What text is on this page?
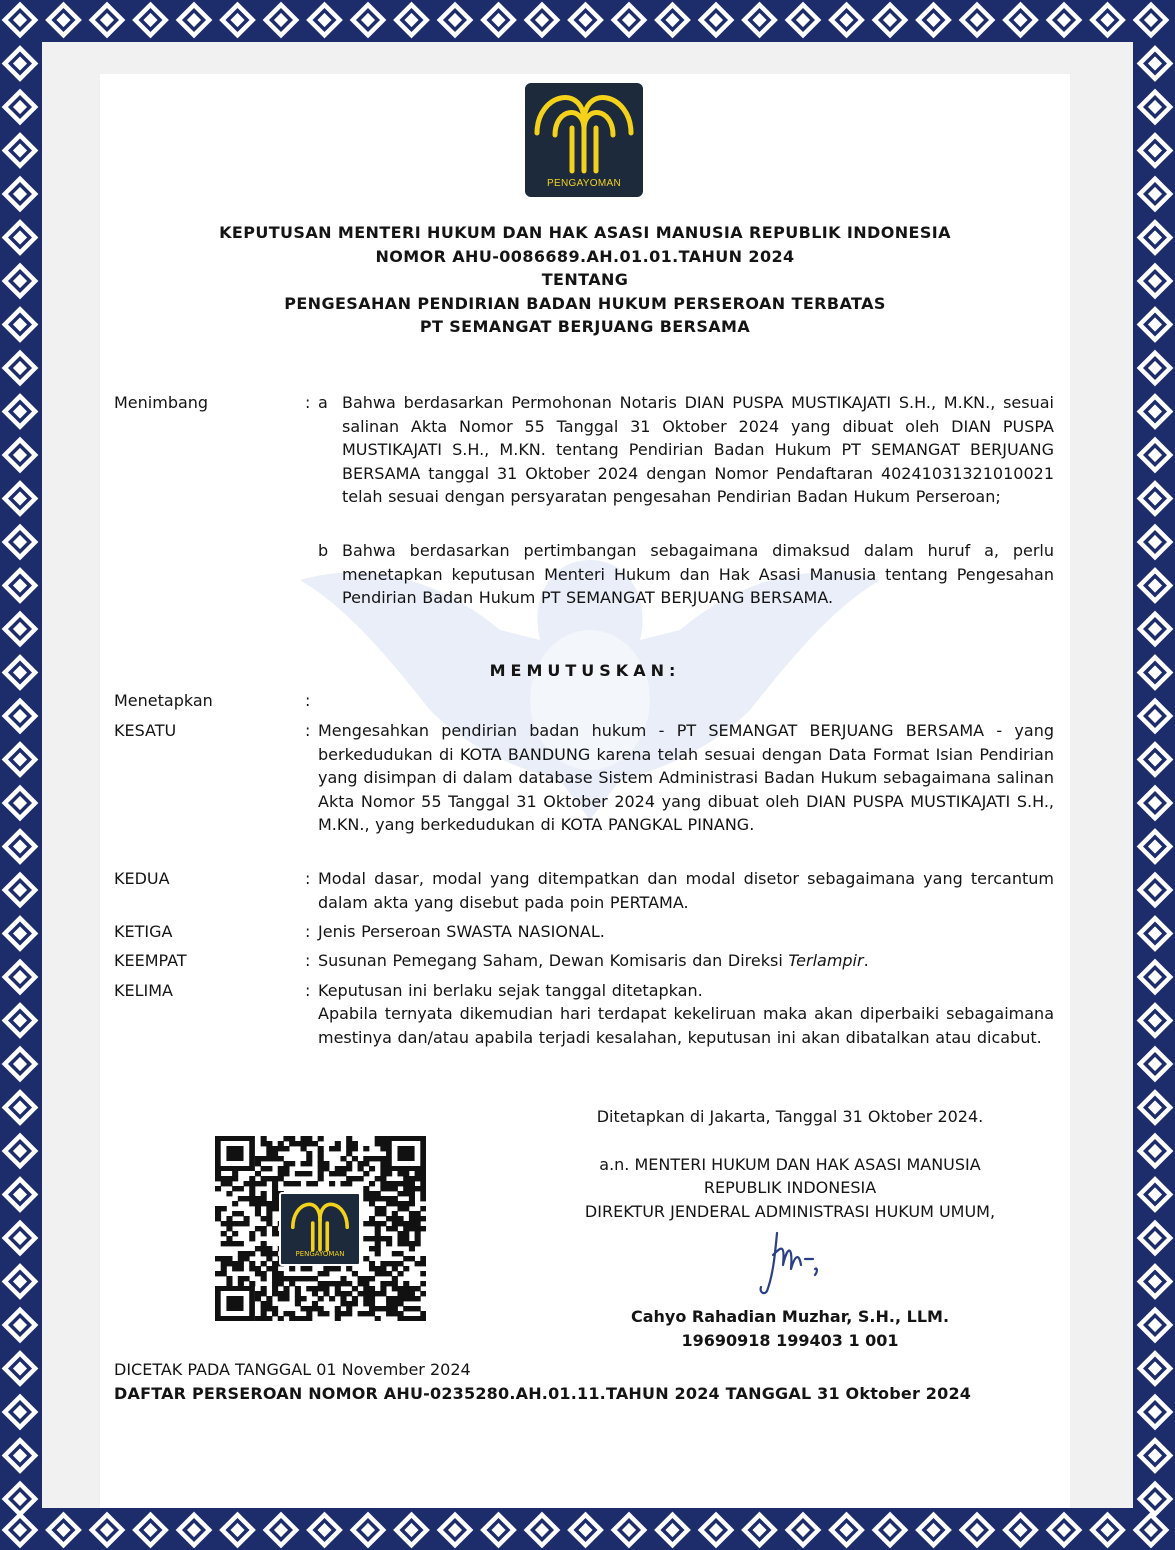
PENGAYOMAN
KEPUTUSAN MENTERI HUKUM DAN HAK ASASI MANUSIA REPUBLIK INDONESIA
NOMOR AHU-0086689.AH.01.01.TAHUN 2024
TENTANG
PENGESAHAN PENDIRIAN BADAN HUKUM PERSEROAN TERBATAS
PT SEMANGAT BERJUANG BERSAMA
Menimbang	: a Bahwa berdasarkan Permohonan Notaris DIAN PUSPA MUSTIKAJATI S.H., M.KN., sesuai salinan Akta Nomor 55 Tanggal 31 Oktober 2024 yang dibuat oleh DIAN PUSPA MUSTIKAJATI S.H., M.KN. tentang Pendirian Badan Hukum PT SEMANGAT BERJUANG BERSAMA tanggal 31 Oktober 2024 dengan Nomor Pendaftaran 40241031321010021 telah sesuai dengan persyaratan pengesahan Pendirian Badan Hukum Perseroan;
b Bahwa berdasarkan pertimbangan sebagaimana dimaksud dalam huruf a, perlu menetapkan keputusan Menteri Hukum dan Hak Asasi Manusia tentang Pengesahan Pendirian Badan Hukum PT SEMANGAT BERJUANG BERSAMA.
MEMUTUSKAN:
Menetapkan	:
KESATU	: Mengesahkan pendirian badan hukum - PT SEMANGAT BERJUANG BERSAMA - yang berkedudukan di KOTA BANDUNG karena telah sesuai dengan Data Format Isian Pendirian yang disimpan di dalam database Sistem Administrasi Badan Hukum sebagaimana salinan Akta Nomor 55 Tanggal 31 Oktober 2024 yang dibuat oleh DIAN PUSPA MUSTIKAJATI S.H., M.KN., yang berkedudukan di KOTA PANGKAL PINANG.
KEDUA	: Modal dasar, modal yang ditempatkan dan modal disetor sebagaimana yang tercantum dalam akta yang disebut pada poin PERTAMA.
KETIGA	: Jenis Perseroan SWASTA NASIONAL.
KEEMPAT	: Susunan Pemegang Saham, Dewan Komisaris dan Direksi Terlampir.
KELIMA	: Keputusan ini berlaku sejak tanggal ditetapkan.
Apabila ternyata dikemudian hari terdapat kekeliruan maka akan diperbaiki sebagaimana mestinya dan/atau apabila terjadi kesalahan, keputusan ini akan dibatalkan atau dicabut.
Ditetapkan di Jakarta, Tanggal 31 Oktober 2024.
a.n. MENTERI HUKUM DAN HAK ASASI MANUSIA
REPUBLIK INDONESIA
DIREKTUR JENDERAL ADMINISTRASI HUKUM UMUM,
Cahyo Rahadian Muzhar, S.H., LLM.
19690918 199403 1 001
PENGAYOMAN
DICETAK PADA TANGGAL 01 November 2024
DAFTAR PERSEROAN NOMOR AHU-0235280.AH.01.11.TAHUN 2024 TANGGAL 31 Oktober 2024
